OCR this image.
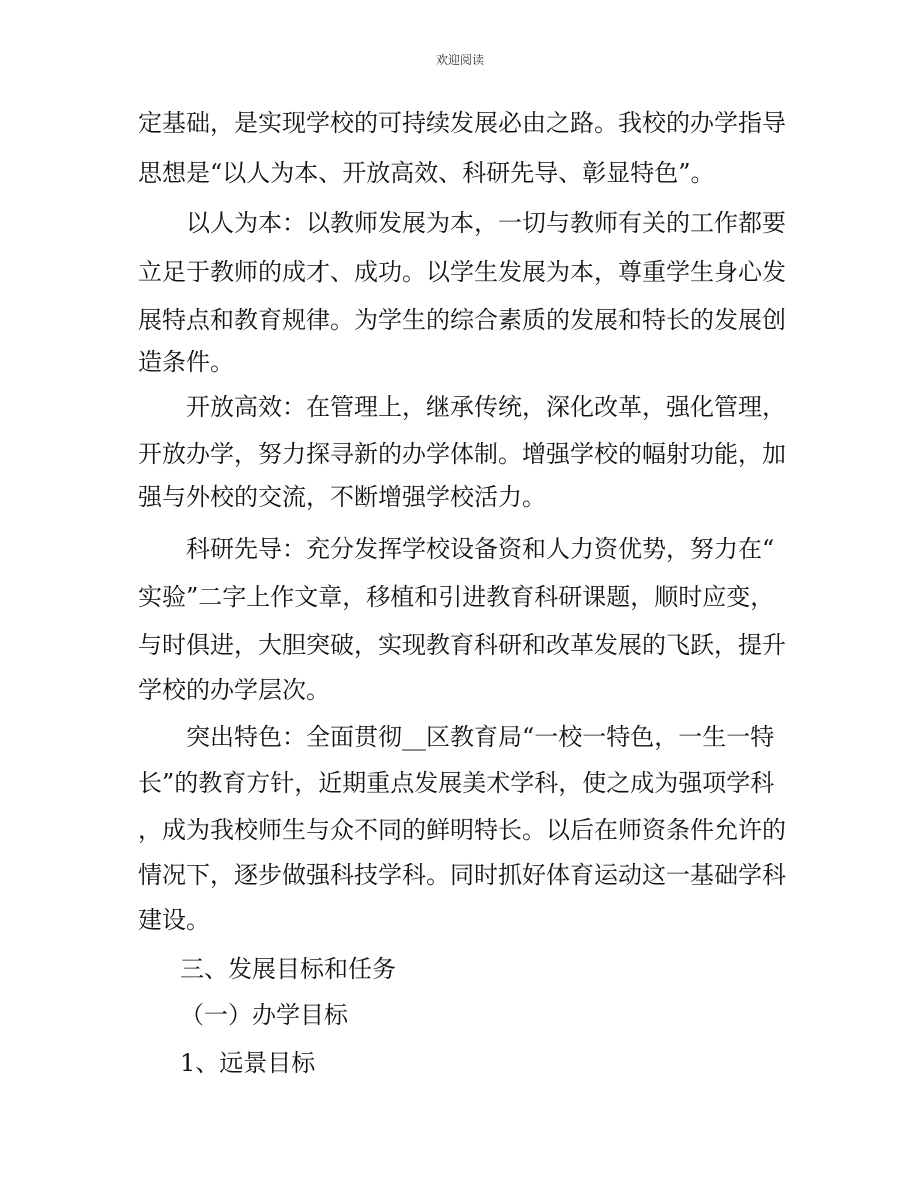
欢迎阅读

定基础，是实现学校的可持续发展必由之路。我校的办学指导

思想是“以人为本、开放高效、科研先导、彰显特色”。

以人为本：以教师发展为本，一切与教师有关的工作都要

立足于教师的成才、成功。以学生发展为本，尊重学生身心发

展特点和教育规律。为学生的综合素质的发展和特长的发展创

造条件。

开放高效：在管理上，继承传统，深化改革，强化管理，

开放办学，努力探寻新的办学体制。增强学校的幅射功能，加

强与外校的交流，不断增强学校活力。

科研先导：充分发挥学校设备资和人力资优势，努力在“

实验”二字上作文章，移植和引进教育科研课题，顺时应变，

与时俱进，大胆突破，实现教育科研和改革发展的飞跃，提升

学校的办学层次。

突出特色：全面贯彻__区教育局“一校一特色，一生一特

长”的教育方针，近期重点发展美术学科，使之成为强项学科

，成为我校师生与众不同的鲜明特长。以后在师资条件允许的

情况下，逐步做强科技学科。同时抓好体育运动这一基础学科

建设。

三、发展目标和任务

（一）办学目标

1、远景目标
